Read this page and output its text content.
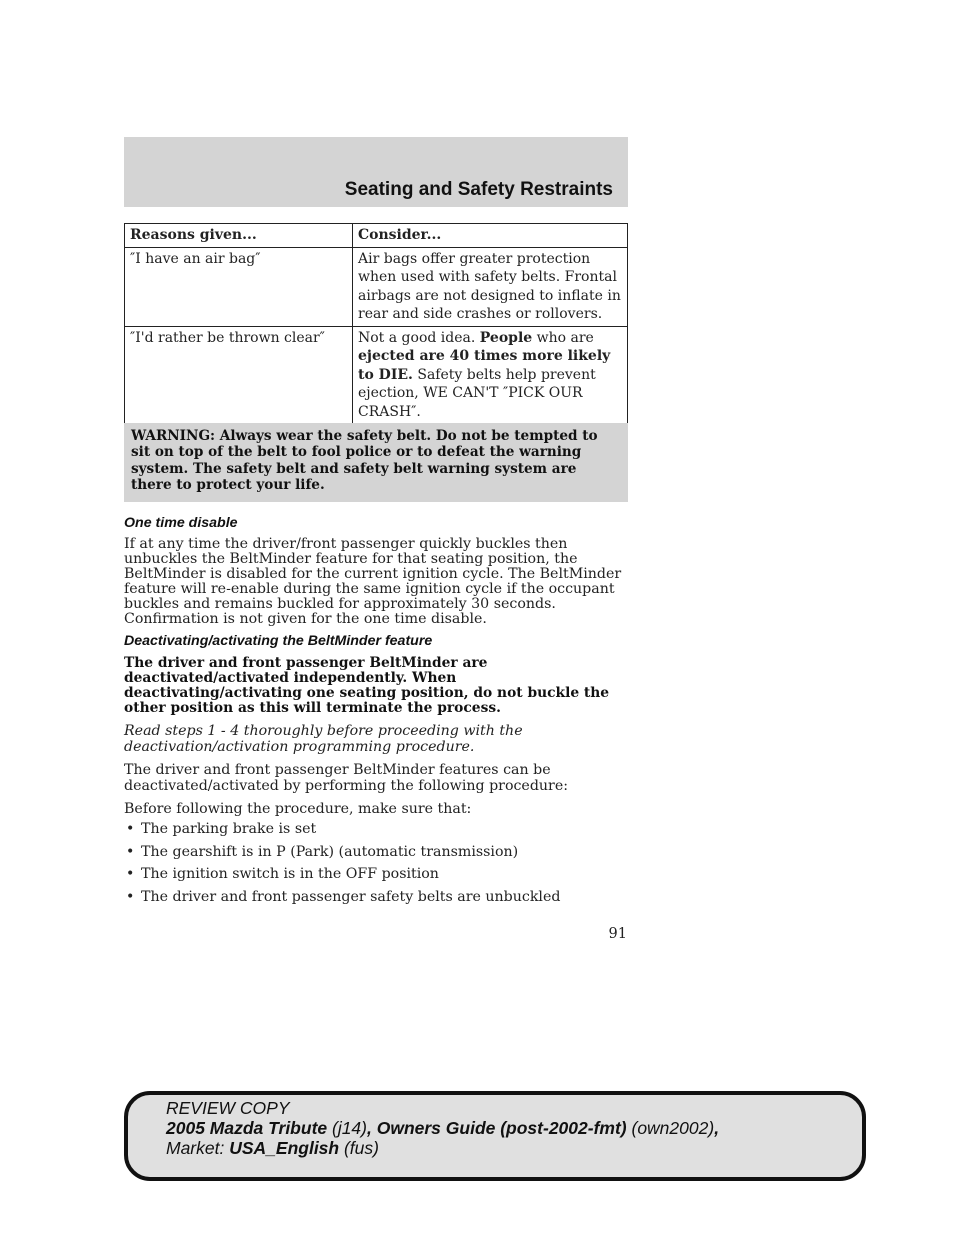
Seating and Safety Restraints
Reasons given...	Consider...
″I have an air bag″	Air bags offer greater protection when used with safety belts. Frontal airbags are not designed to inflate in rear and side crashes or rollovers.
″I'd rather be thrown clear″	Not a good idea. People who are ejected are 40 times more likely to DIE. Safety belts help prevent ejection, WE CAN'T ″PICK OUR CRASH″.
WARNING: Always wear the safety belt. Do not be tempted to sit on top of the belt to fool police or to defeat the warning system. The safety belt and safety belt warning system are there to protect your life.

One time disable

If at any time the driver/front passenger quickly buckles then unbuckles the BeltMinder feature for that seating position, the BeltMinder is disabled for the current ignition cycle. The BeltMinder feature will re-enable during the same ignition cycle if the occupant buckles and remains buckled for approximately 30 seconds. Confirmation is not given for the one time disable.

Deactivating/activating the BeltMinder feature

The driver and front passenger BeltMinder are deactivated/activated independently. When deactivating/activating one seating position, do not buckle the other position as this will terminate the process.

Read steps 1 - 4 thoroughly before proceeding with the deactivation/activation programming procedure.

The driver and front passenger BeltMinder features can be deactivated/activated by performing the following procedure:

Before following the procedure, make sure that:

• The parking brake is set
• The gearshift is in P (Park) (automatic transmission)
• The ignition switch is in the OFF position
• The driver and front passenger safety belts are unbuckled
91
REVIEW COPY
2005 Mazda Tribute (j14), Owners Guide (post-2002-fmt) (own2002),
Market: USA_English (fus)
